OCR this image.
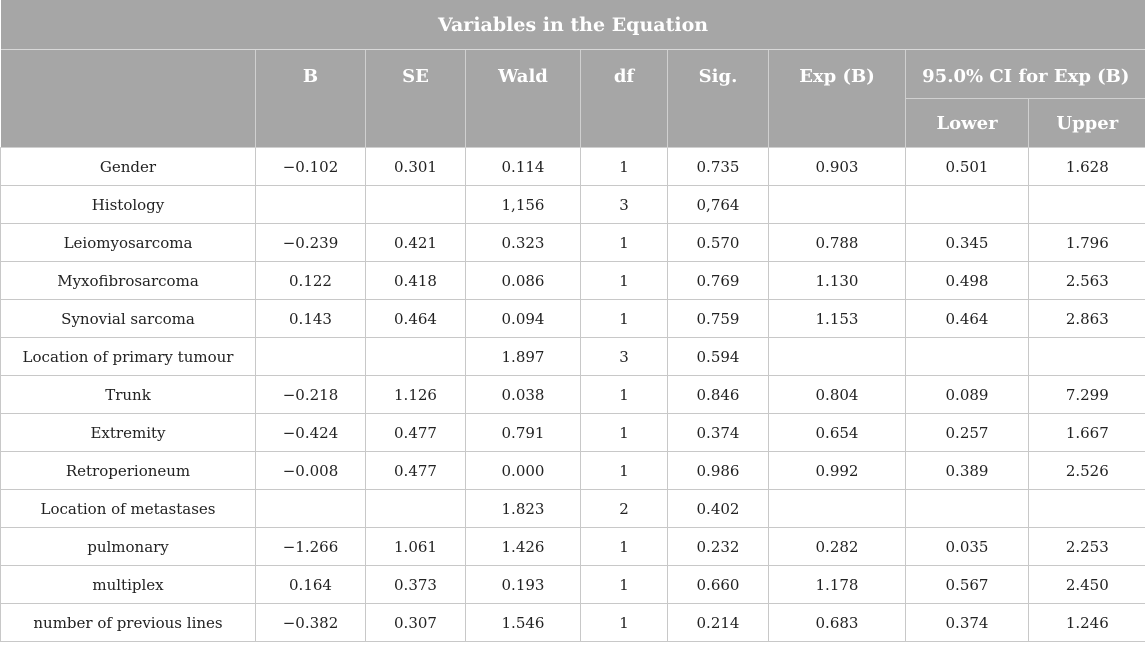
Variables in the Equation								
	B	SE	Wald	df	Sig.	Exp (B)	95.0% CI for Exp (B)	
							Lower	Upper
Gender	−0.102	0.301	0.114	1	0.735	0.903	0.501	1.628
Histology			1,156	3	0,764			
Leiomyosarcoma	−0.239	0.421	0.323	1	0.570	0.788	0.345	1.796
Myxofibrosarcoma	0.122	0.418	0.086	1	0.769	1.130	0.498	2.563
Synovial sarcoma	0.143	0.464	0.094	1	0.759	1.153	0.464	2.863
Location of primary tumour			1.897	3	0.594			
Trunk	−0.218	1.126	0.038	1	0.846	0.804	0.089	7.299
Extremity	−0.424	0.477	0.791	1	0.374	0.654	0.257	1.667
Retroperioneum	−0.008	0.477	0.000	1	0.986	0.992	0.389	2.526
Location of metastases			1.823	2	0.402			
pulmonary	−1.266	1.061	1.426	1	0.232	0.282	0.035	2.253
multiplex	0.164	0.373	0.193	1	0.660	1.178	0.567	2.450
number of previous lines	−0.382	0.307	1.546	1	0.214	0.683	0.374	1.246
